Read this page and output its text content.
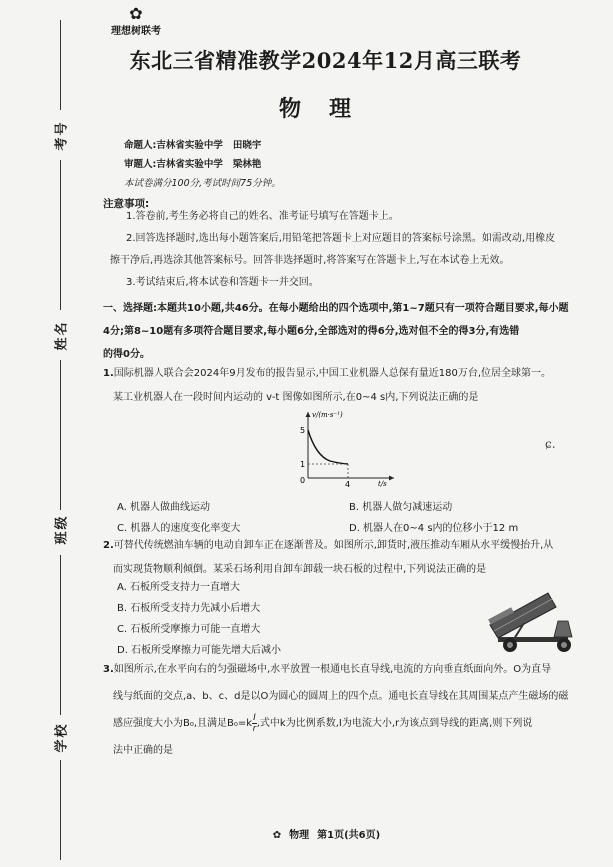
考号
姓名
班级
学校
✿
理想树联考
东北三省精准教学2024年12月高三联考
物理
命题人:吉林省实验中学 田晓宇
审题人:吉林省实验中学 梁林艳
本试卷满分100分,考试时间75分钟。
注意事项:
1.答卷前,考生务必将自己的姓名、准考证号填写在答题卡上。
2.回答选择题时,选出每小题答案后,用铅笔把答题卡上对应题目的答案标号涂黑。如需改动,用橡皮
擦干净后,再选涂其他答案标号。回答非选择题时,将答案写在答题卡上,写在本试卷上无效。
3.考试结束后,将本试卷和答题卡一并交回。
一、选择题:本题共10小题,共46分。在每小题给出的四个选项中,第1~7题只有一项符合题目要求,每小题
4分;第8~10题有多项符合题目要求,每小题6分,全部选对的得6分,选对但不全的得3分,有选错
的得0分。
1.国际机器人联合会2024年9月发布的报告显示,中国工业机器人总保有量近180万台,位居全球第一。
某工业机器人在一段时间内运动的 v-t 图像如图所示,在0~4 s内,下列说法正确的是
v/(m·s⁻¹)
t/s
5
1
0	4
ɕ.
A. 机器人做曲线运动	B. 机器人做匀减速运动
C. 机器人的速度变化率变大	D. 机器人在0~4 s内的位移小于12 m
2.可替代传统燃油车辆的电动自卸车正在逐渐普及。如图所示,卸货时,液压推动车厢从水平缓慢抬升,从
而实现货物顺利倾倒。某采石场利用自卸车卸载一块石板的过程中,下列说法正确的是
A. 石板所受支持力一直增大
B. 石板所受支持力先减小后增大
C. 石板所受摩擦力可能一直增大
D. 石板所受摩擦力可能先增大后减小
3.如图所示,在水平向右的匀强磁场中,水平放置一根通电长直导线,电流的方向垂直纸面向外。O为直导
线与纸面的交点,a、b、c、d是以O为圆心的圆周上的四个点。通电长直导线在其周围某点产生磁场的磁
感应强度大小为B₀,且满足$B_0=k \frac{I}{r}$ ,式中k为比例系数,I为电流大小,r为该点到导线的距离,则下列说
法中正确的是
✿ 物理 第1页(共6页)
